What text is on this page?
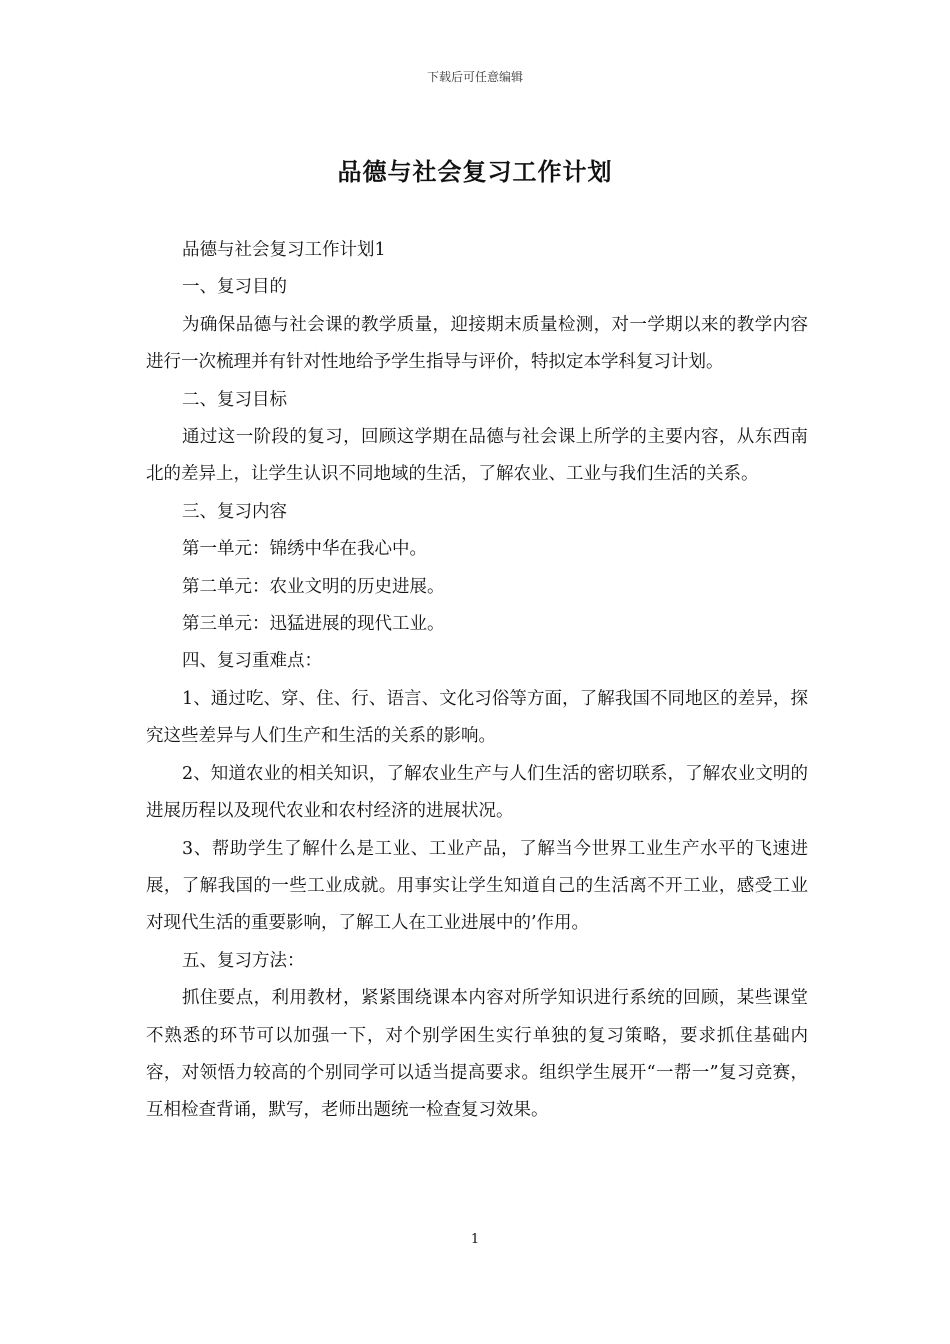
下载后可任意编辑
品德与社会复习工作计划

品德与社会复习工作计划1

一、复习目的

为确保品德与社会课的教学质量，迎接期末质量检测，对一学期以来的教学内容进行一次梳理并有针对性地给予学生指导与评价，特拟定本学科复习计划。

二、复习目标

通过这一阶段的复习，回顾这学期在品德与社会课上所学的主要内容，从东西南北的差异上，让学生认识不同地域的生活，了解农业、工业与我们生活的关系。

三、复习内容

第一单元：锦绣中华在我心中。

第二单元：农业文明的历史进展。

第三单元：迅猛进展的现代工业。

四、复习重难点：

1、通过吃、穿、住、行、语言、文化习俗等方面，了解我国不同地区的差异，探究这些差异与人们生产和生活的关系的影响。

2、知道农业的相关知识，了解农业生产与人们生活的密切联系，了解农业文明的进展历程以及现代农业和农村经济的进展状况。

3、帮助学生了解什么是工业、工业产品，了解当今世界工业生产水平的飞速进展，了解我国的一些工业成就。用事实让学生知道自己的生活离不开工业，感受工业对现代生活的重要影响，了解工人在工业进展中的’作用。

五、复习方法：

抓住要点，利用教材，紧紧围绕课本内容对所学知识进行系统的回顾，某些课堂不熟悉的环节可以加强一下，对个别学困生实行单独的复习策略，要求抓住基础内容，对领悟力较高的个别同学可以适当提高要求。组织学生展开“一帮一”复习竞赛，互相检查背诵，默写，老师出题统一检查复习效果。

1
